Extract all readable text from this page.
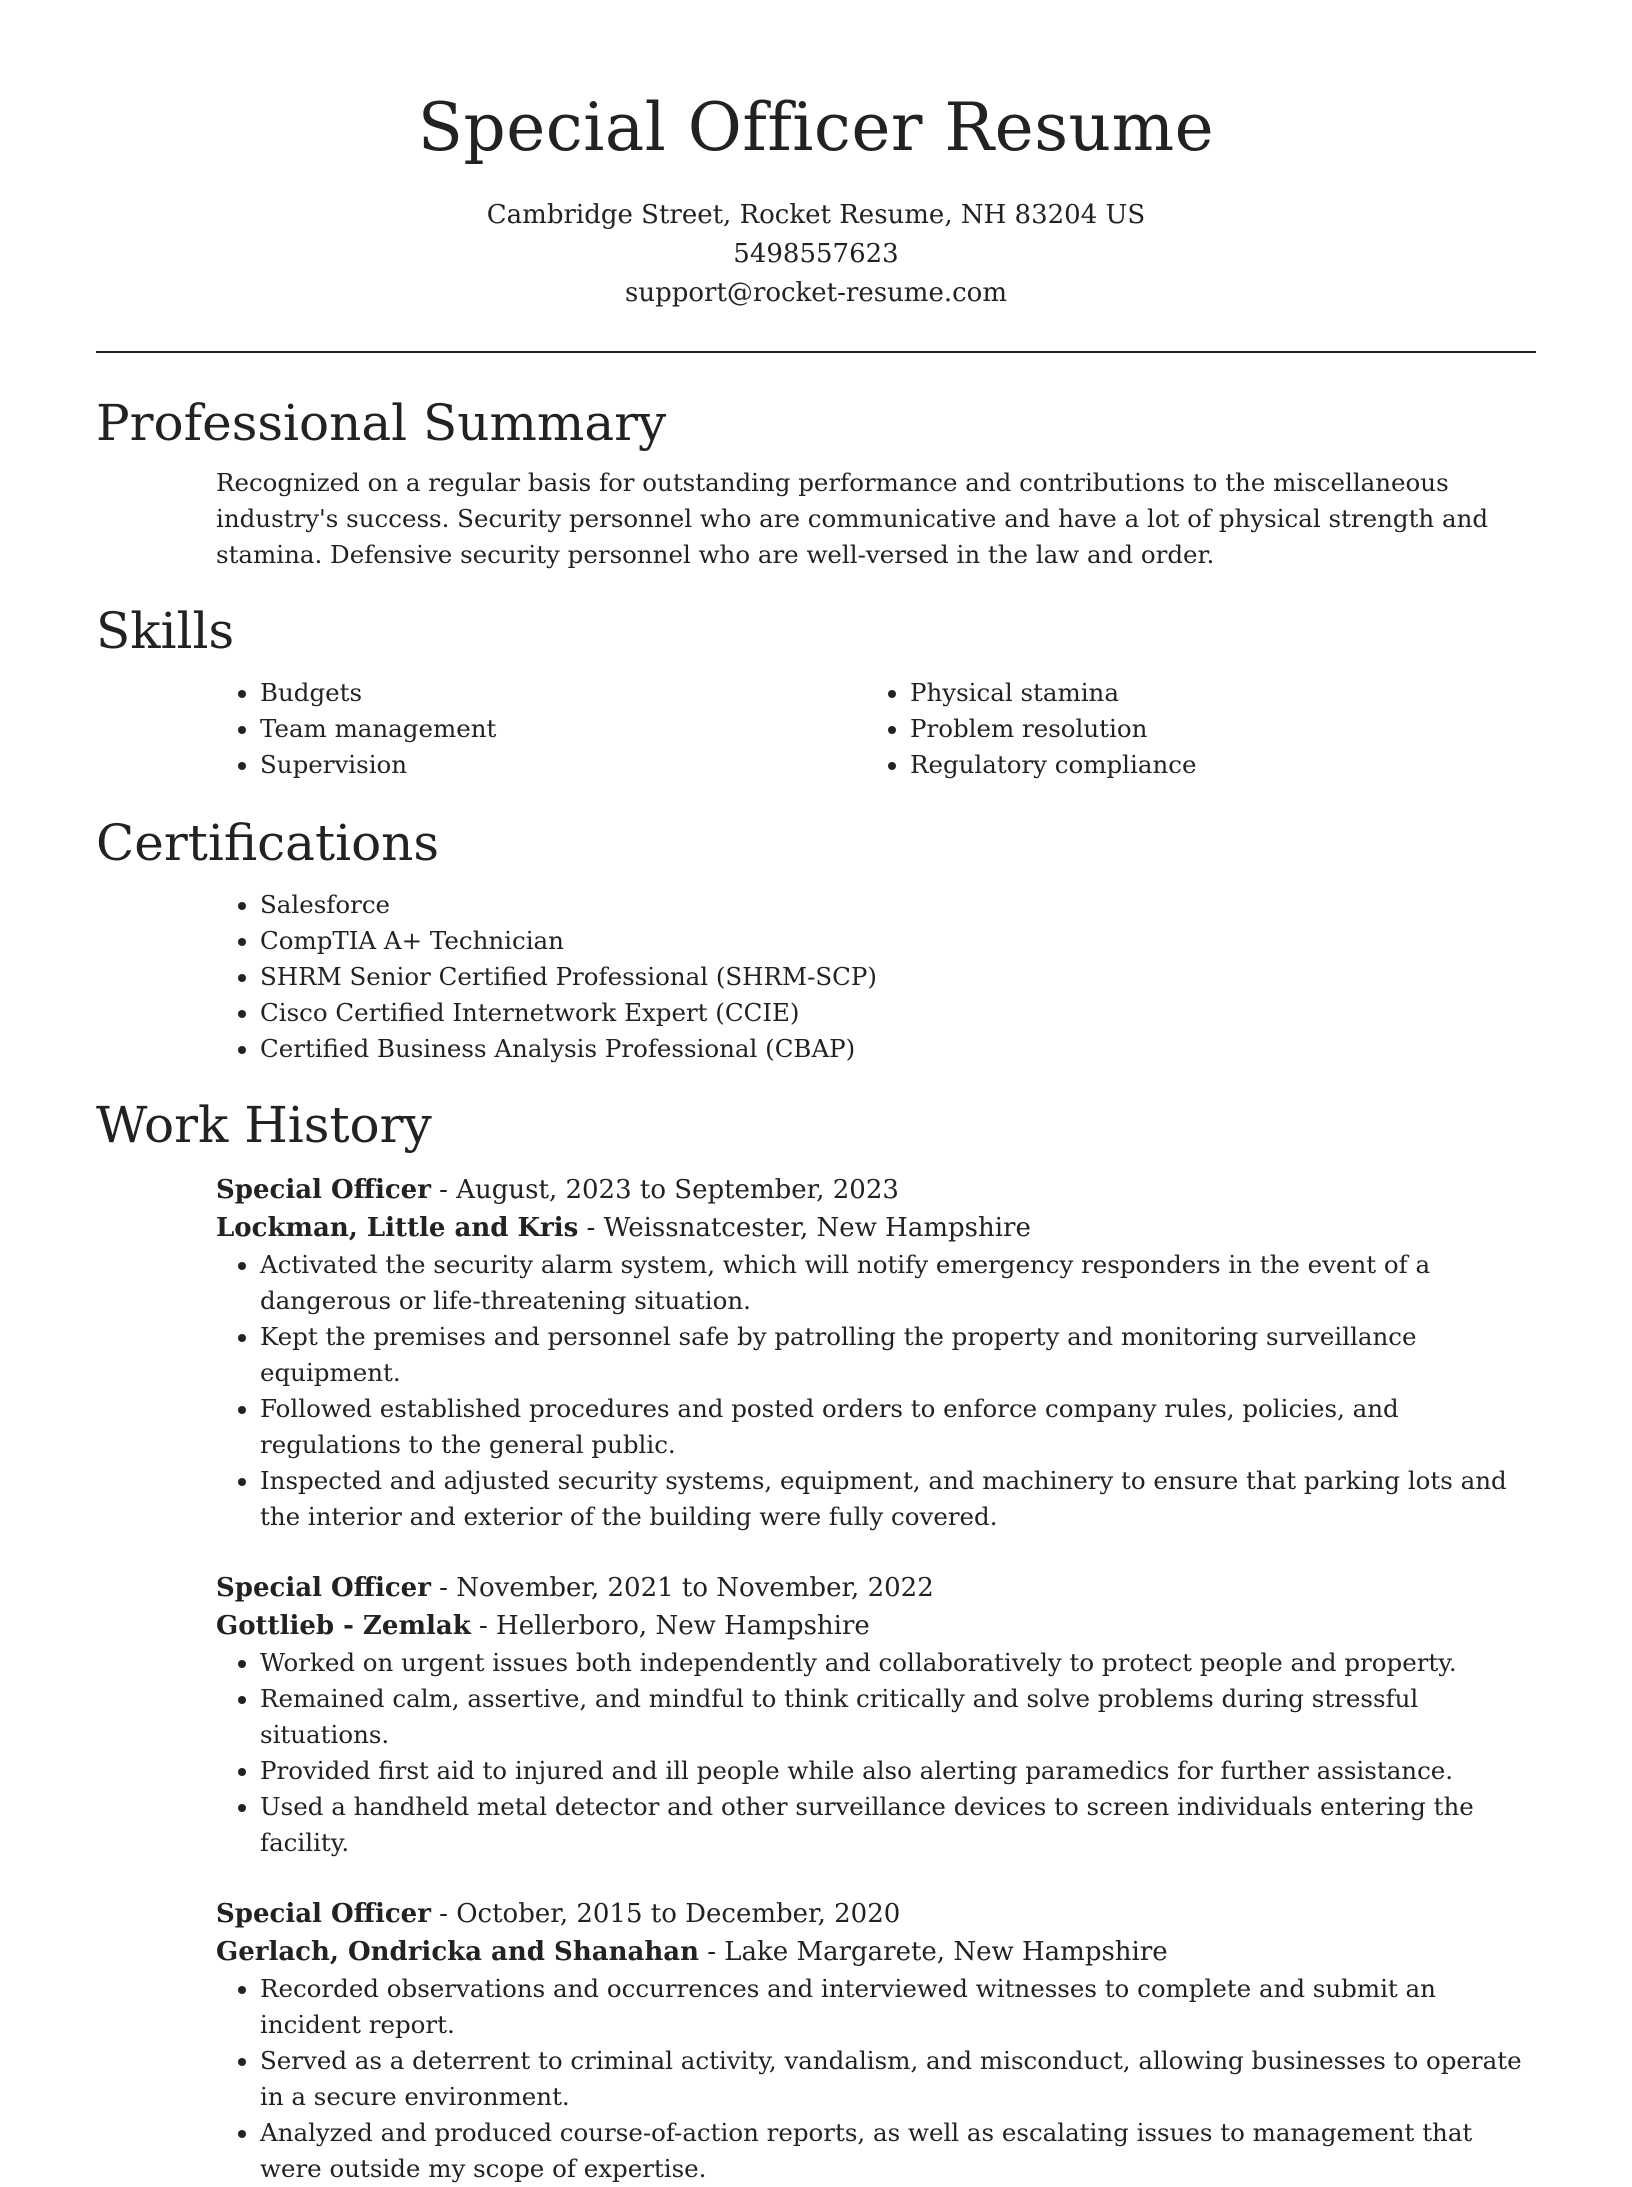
Special Officer Resume
Cambridge Street, Rocket Resume, NH 83204 US
5498557623
support@rocket-resume.com
Professional Summary
Recognized on a regular basis for outstanding performance and contributions to the miscellaneous industry's success. Security personnel who are communicative and have a lot of physical strength and stamina. Defensive security personnel who are well-versed in the law and order.
Skills
• Budgets
• Team management
• Supervision
• Physical stamina
• Problem resolution
• Regulatory compliance
Certifications
• Salesforce
• CompTIA A+ Technician
• SHRM Senior Certified Professional (SHRM-SCP)
• Cisco Certified Internetwork Expert (CCIE)
• Certified Business Analysis Professional (CBAP)
Work History

Special Officer - August, 2023 to September, 2023

Lockman, Little and Kris - Weissnatcester, New Hampshire

• Activated the security alarm system, which will notify emergency responders in the event of a dangerous or life-threatening situation.
• Kept the premises and personnel safe by patrolling the property and monitoring surveillance equipment.
• Followed established procedures and posted orders to enforce company rules, policies, and regulations to the general public.
• Inspected and adjusted security systems, equipment, and machinery to ensure that parking lots and the interior and exterior of the building were fully covered.

Special Officer - November, 2021 to November, 2022

Gottlieb - Zemlak - Hellerboro, New Hampshire

• Worked on urgent issues both independently and collaboratively to protect people and property.
• Remained calm, assertive, and mindful to think critically and solve problems during stressful situations.
• Provided first aid to injured and ill people while also alerting paramedics for further assistance.
• Used a handheld metal detector and other surveillance devices to screen individuals entering the facility.

Special Officer - October, 2015 to December, 2020

Gerlach, Ondricka and Shanahan - Lake Margarete, New Hampshire

• Recorded observations and occurrences and interviewed witnesses to complete and submit an incident report.
• Served as a deterrent to criminal activity, vandalism, and misconduct, allowing businesses to operate in a secure environment.
• Analyzed and produced course-of-action reports, as well as escalating issues to management that were outside my scope of expertise.
